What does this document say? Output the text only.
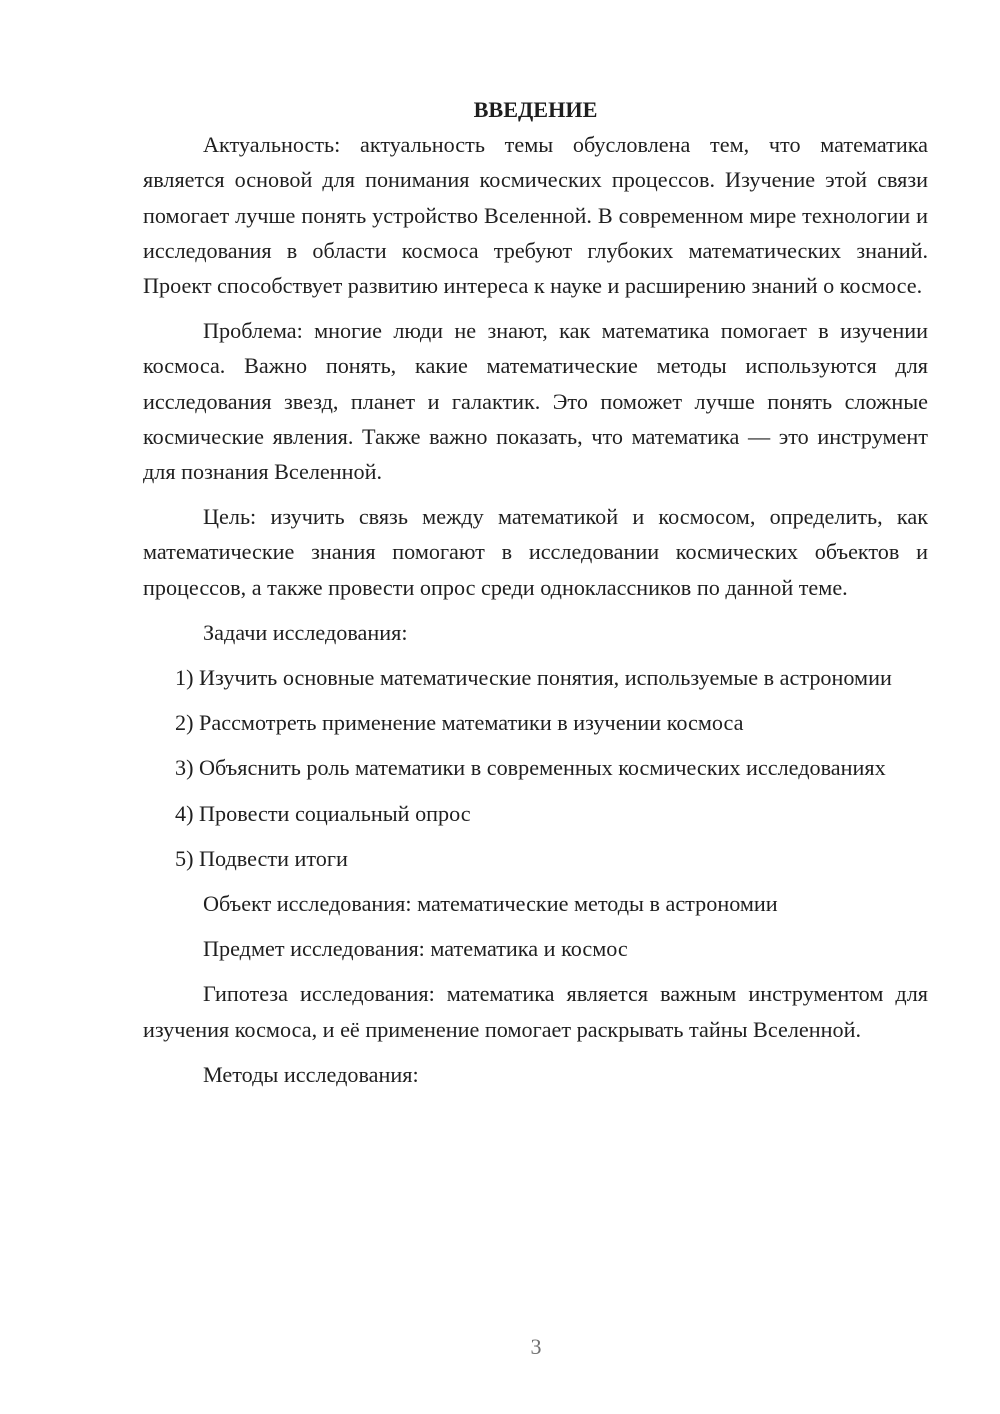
ВВЕДЕНИЕ

Актуальность: актуальность темы обусловлена тем, что математика является основой для понимания космических процессов. Изучение этой связи помогает лучше понять устройство Вселенной. В современном мире технологии и исследования в области космоса требуют глубоких математических знаний. Проект способствует развитию интереса к науке и расширению знаний о космосе.

Проблема: многие люди не знают, как математика помогает в изучении космоса. Важно понять, какие математические методы используются для исследования звезд, планет и галактик. Это поможет лучше понять сложные космические явления. Также важно показать, что математика — это инструмент для познания Вселенной.

Цель: изучить связь между математикой и космосом, определить, как математические знания помогают в исследовании космических объектов и процессов, а также провести опрос среди одноклассников по данной теме.

Задачи исследования:

1) Изучить основные математические понятия, используемые в астрономии

2) Рассмотреть применение математики в изучении космоса

3) Объяснить роль математики в современных космических исследованиях

4) Провести социальный опрос

5) Подвести итоги

Объект исследования: математические методы в астрономии

Предмет исследования: математика и космос

Гипотеза исследования: математика является важным инструментом для изучения космоса, и её применение помогает раскрывать тайны Вселенной.

Методы исследования:

3
